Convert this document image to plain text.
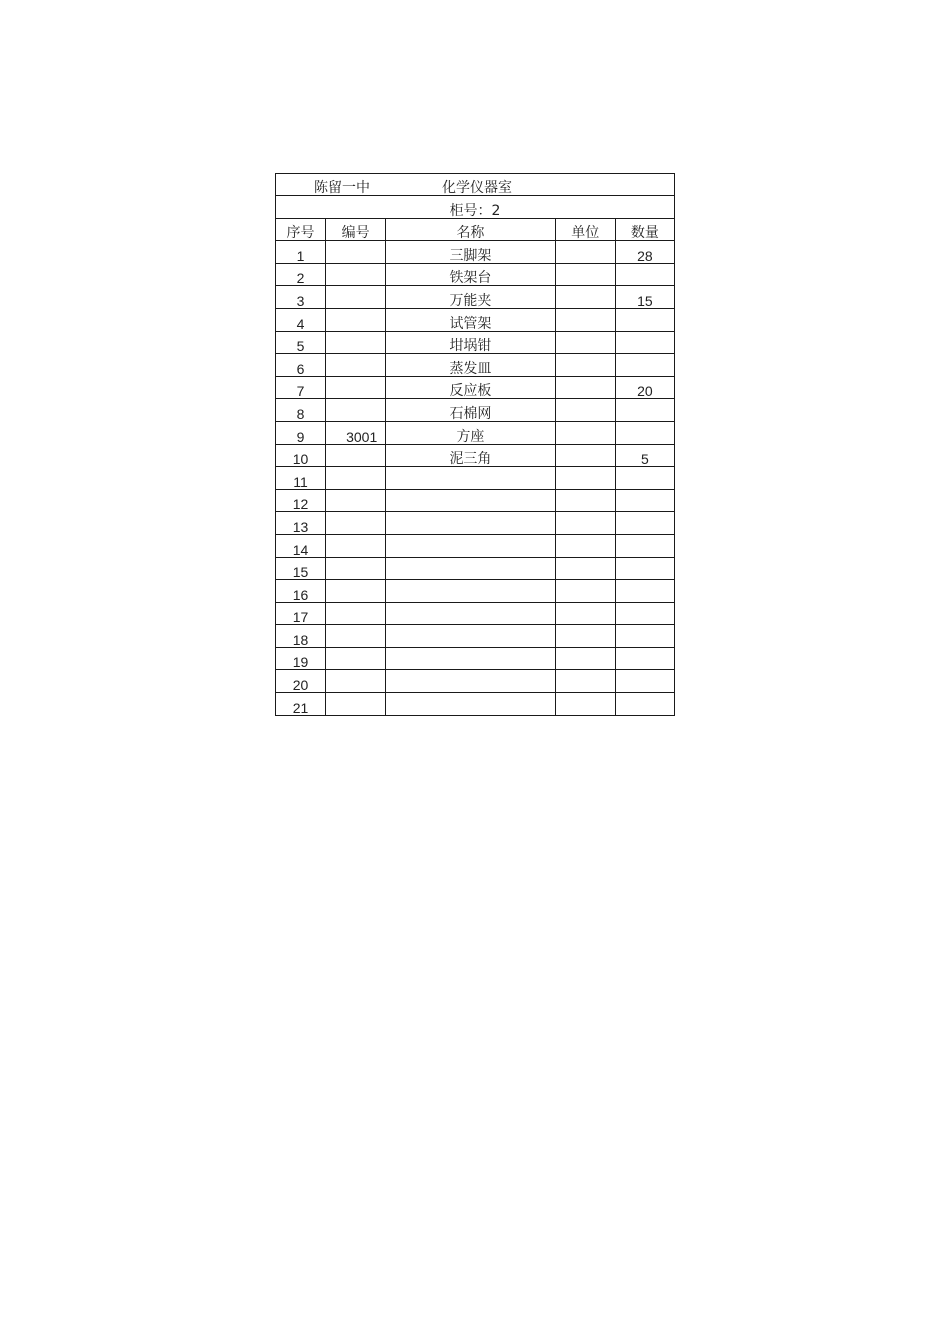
陈留一中 化学仪器室				
柜号：2				
序号	编号	名称	单位	数量
1		三脚架		28
2		铁架台		
3		万能夹		15
4		试管架		
5		坩埚钳		
6		蒸发皿		
7		反应板		20
8		石棉网		
9	3001	方座		
10		泥三角		5
11				
12				
13				
14				
15				
16				
17				
18				
19				
20				
21				
